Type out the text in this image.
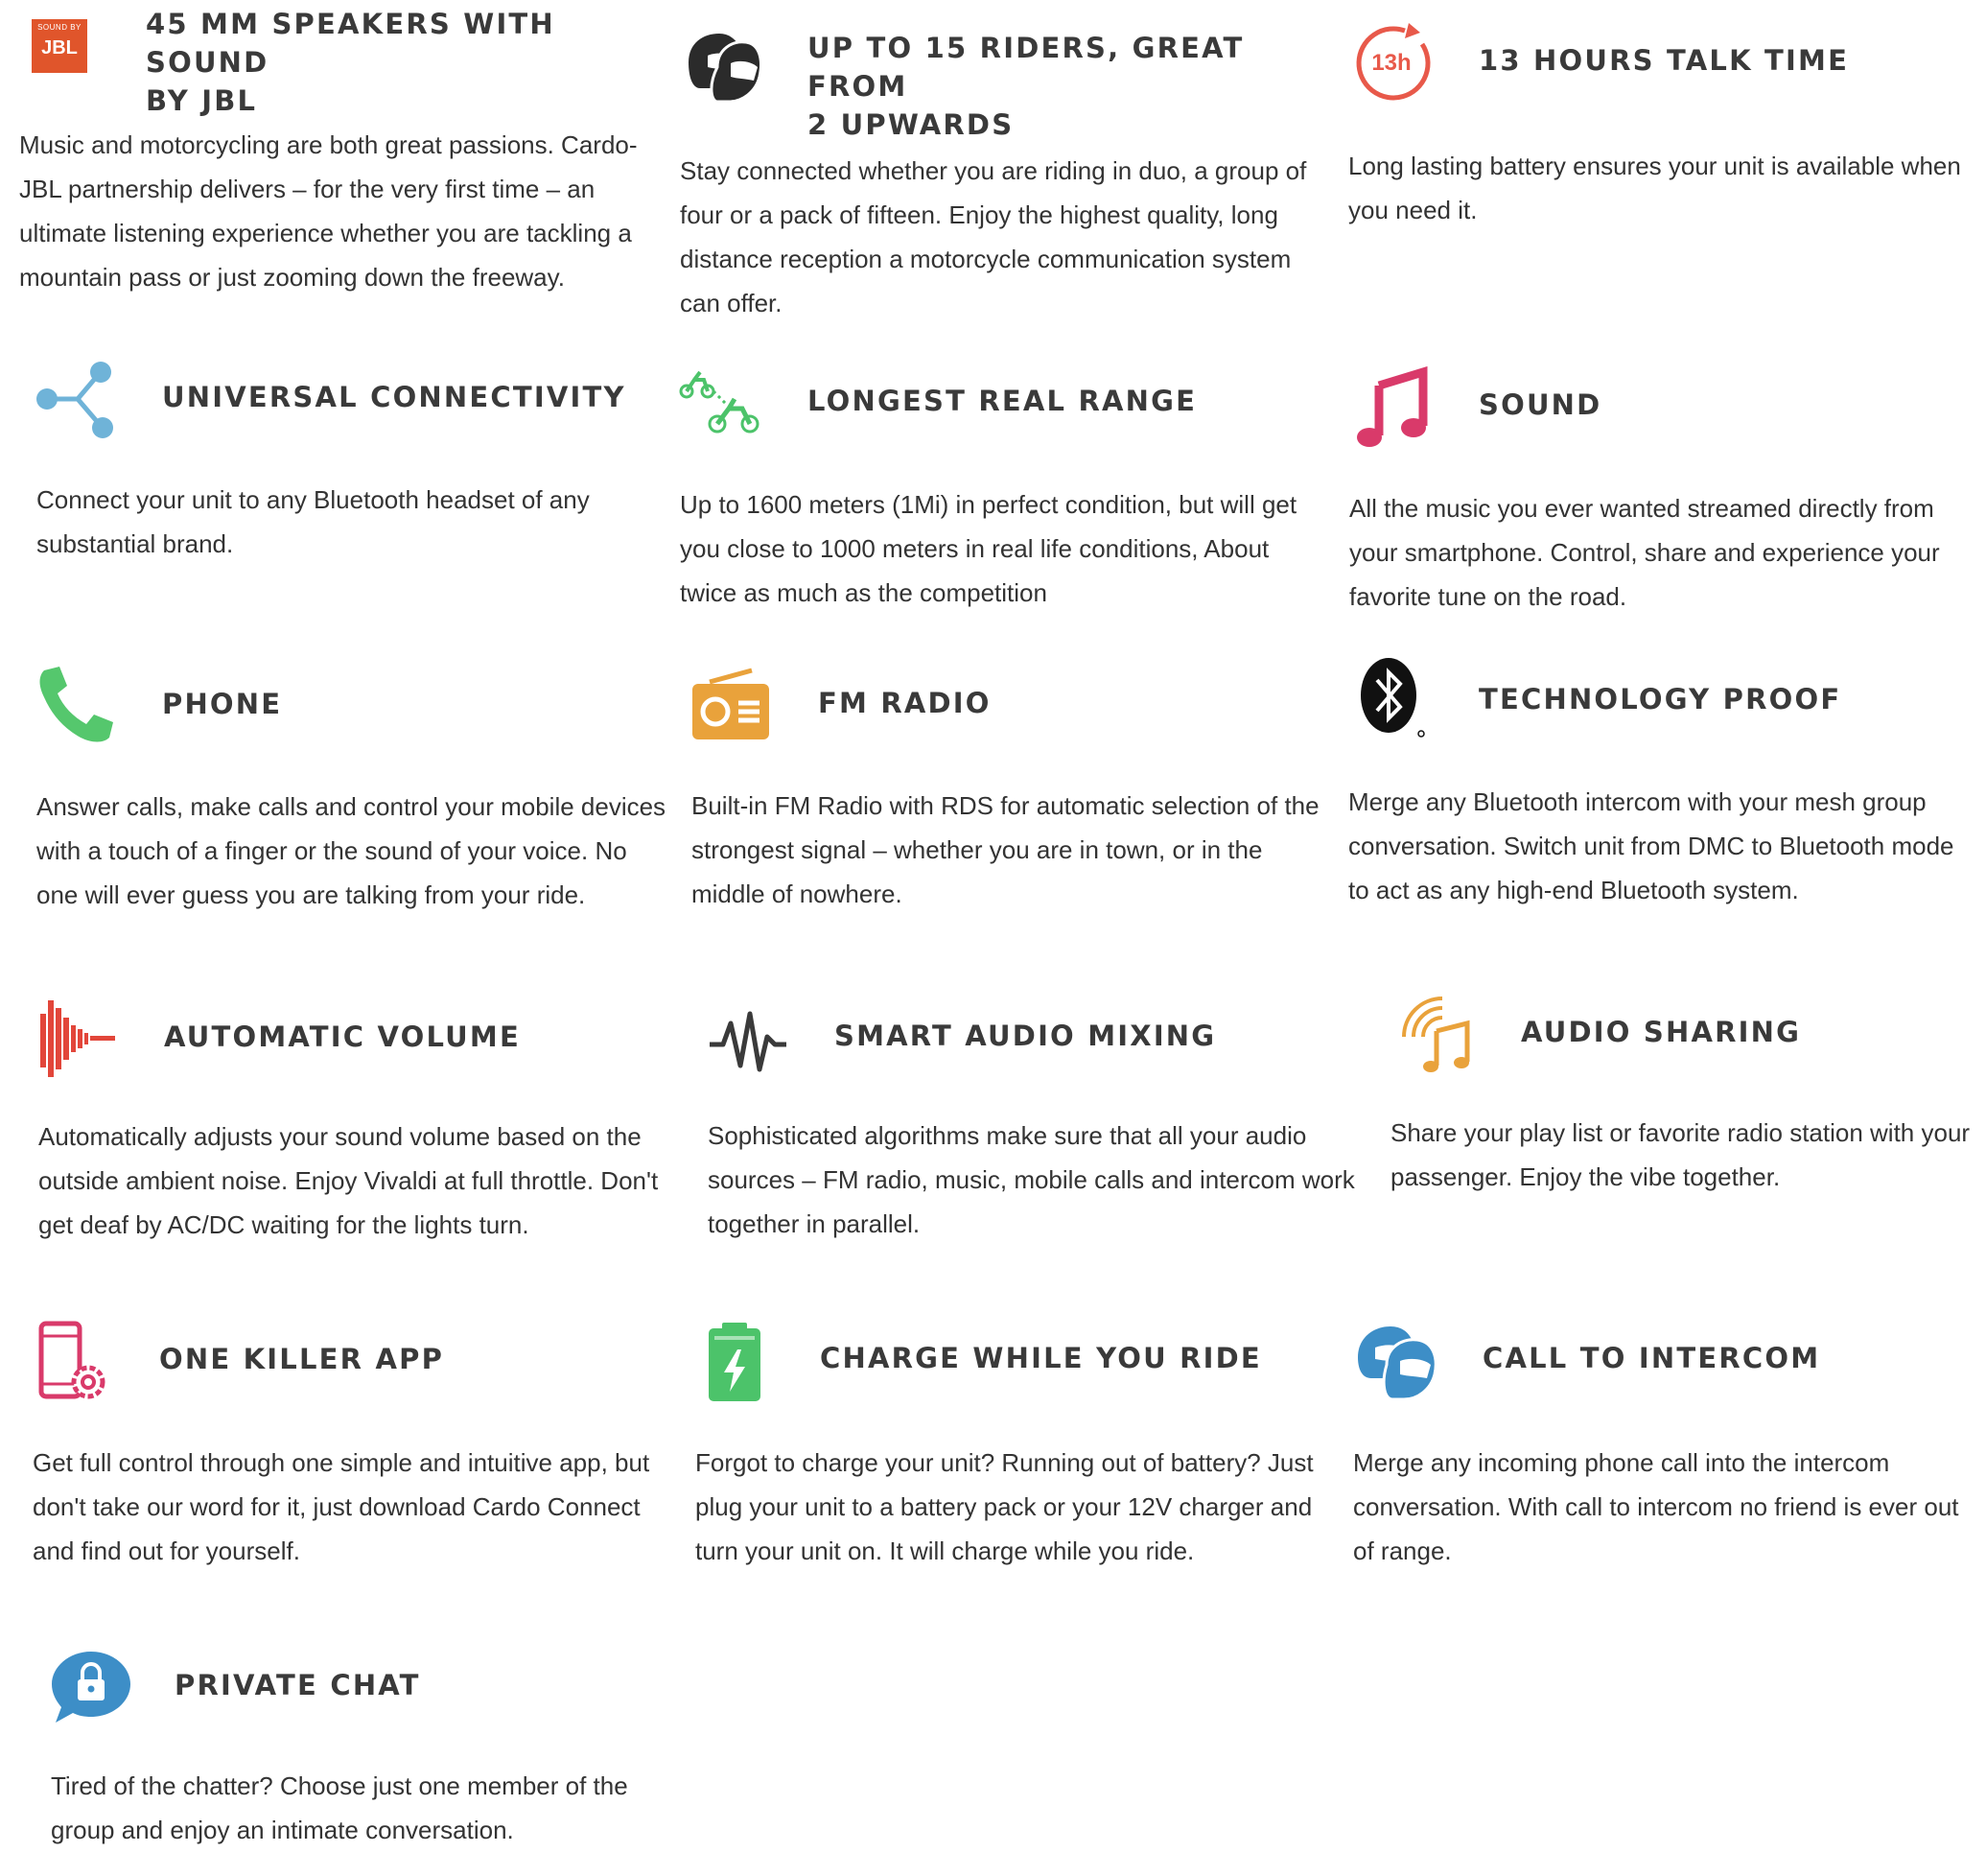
SOUND BY
JBL
45 MM SPEAKERS WITH SOUND
BY JBL
Music and motorcycling are both great passions. Cardo-JBL partnership delivers – for the very first time – an ultimate listening experience whether you are tackling a mountain pass or just zooming down the freeway.
UP TO 15 RIDERS, GREAT FROM
2 UPWARDS
Stay connected whether you are riding in duo, a group of four or a pack of fifteen. Enjoy the highest quality, long distance reception a motorcycle communication system can offer.
13h 13 HOURS TALK TIME
Long lasting battery ensures your unit is available when you need it.
UNIVERSAL CONNECTIVITY
Connect your unit to any Bluetooth headset of any substantial brand.
LONGEST REAL RANGE
Up to 1600 meters (1Mi) in perfect condition, but will get you close to 1000 meters in real life conditions, About twice as much as the competition
SOUND
All the music you ever wanted streamed directly from your smartphone. Control, share and experience your favorite tune on the road.
PHONE
Answer calls, make calls and control your mobile devices with a touch of a finger or the sound of your voice. No one will ever guess you are talking from your ride.
FM RADIO
Built-in FM Radio with RDS for automatic selection of the strongest signal – whether you are in town, or in the middle of nowhere.
TECHNOLOGY PROOF
Merge any Bluetooth intercom with your mesh group conversation. Switch unit from DMC to Bluetooth mode to act as any high-end Bluetooth system.
AUTOMATIC VOLUME
Automatically adjusts your sound volume based on the outside ambient noise. Enjoy Vivaldi at full throttle. Don't get deaf by AC/DC waiting for the lights turn.
SMART AUDIO MIXING
Sophisticated algorithms make sure that all your audio sources – FM radio, music, mobile calls and intercom work together in parallel.
AUDIO SHARING
Share your play list or favorite radio station with your passenger. Enjoy the vibe together.
ONE KILLER APP
Get full control through one simple and intuitive app, but don't take our word for it, just download Cardo Connect and find out for yourself.
CHARGE WHILE YOU RIDE
Forgot to charge your unit? Running out of battery? Just plug your unit to a battery pack or your 12V charger and turn your unit on. It will charge while you ride.
CALL TO INTERCOM
Merge any incoming phone call into the intercom conversation. With call to intercom no friend is ever out of range.
PRIVATE CHAT
Tired of the chatter? Choose just one member of the group and enjoy an intimate conversation.
